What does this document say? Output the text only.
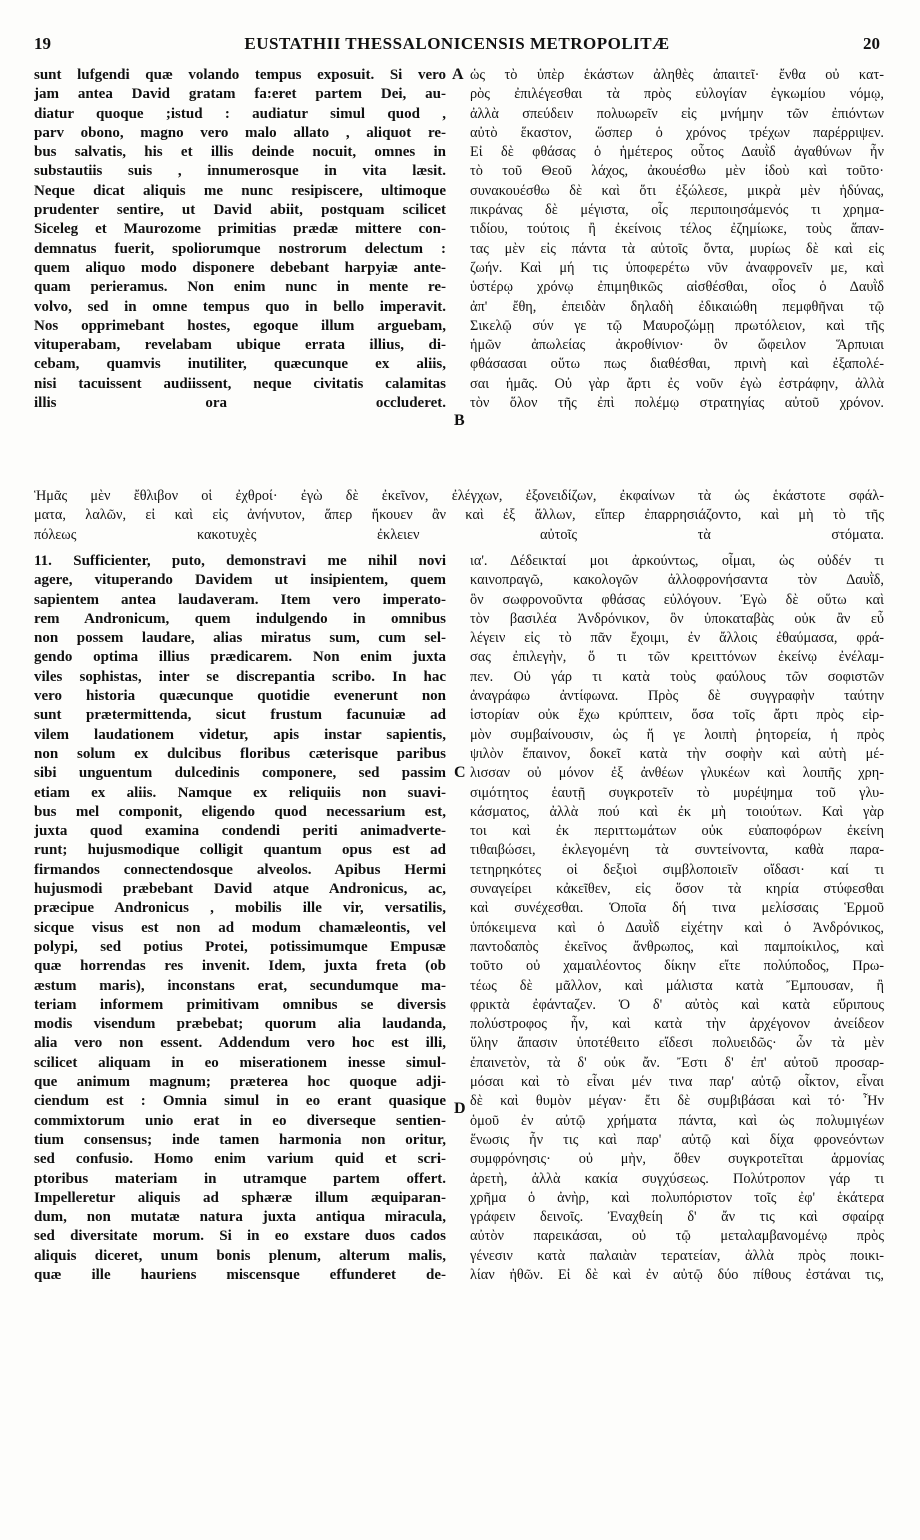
19	EUSTATHII THESSALONICENSIS METROPOLITÆ	20
sunt lufgendi quæ volando tempus exposuit. Si vero
jam antea David gratam fa:eret partem Dei, au-
diatur quoque ;istud : audiatur simul quod ,
parv obono, magno vero malo allato , aliquot re-
bus salvatis, his et illis deinde nocuit, omnes in
substautiis suis , innumerosque in vita læsit.
Neque dicat aliquis me nunc resipiscere, ultimoque
prudenter sentire, ut David abiit, postquam scilicet
Siceleg et Maurozome primitias prædæ mittere con-
demnatus fuerit, spoliorumque nostrorum delectum :
quem aliquo modo disponere debebant harpyiæ ante-
quam perieramus. Non enim nunc in mente re-
volvo, sed in omne tempus quo in bello imperavit.
Nos opprimebant hostes, egoque illum arguebam,
vituperabam, revelabam ubique errata illius, di-
cebam, quamvis inutiliter, quæcunque ex aliis,
nisi tacuissent audiissent, neque civitatis calamitas
illis ora occluderet.
ὡς τὸ ὑπὲρ ἑκάστων ἀληθὲς ἀπαιτεῖ· ἔνθα οὐ κατ-
ρὸς ἐπιλέγεσθαι τὰ πρὸς εὐλογίαν ἐγκωμίου νόμῳ,
ἀλλὰ σπεύδειν πολυωρεῖν εἰς μνήμην τῶν ἐπιόντων
αὐτὸ ἕκαστον, ὥσπερ ὁ χρόνος τρέχων παρέρριψεν.
Εἰ δὲ φθάσας ὁ ἡμέτερος οὗτος Δαυῒδ ἀγαθύνων ἦν
τὸ τοῦ Θεοῦ λάχος, ἀκουέσθω μὲν ἰδοὺ καὶ τοῦτο·
συνακουέσθω δὲ καὶ ὅτι ἐξώλεσε, μικρὰ μὲν ἡδύνας,
πικράνας δὲ μέγιστα, οἷς περιποιησάμενός τι χρημα-
τιδίου, τούτοις ἢ ἐκείνοις τέλος ἐζημίωκε, τοὺς ἅπαν-
τας μὲν εἰς πάντα τὰ αὐτοῖς ὄντα, μυρίως δὲ καὶ εἰς
ζωήν. Καὶ μή τις ὑποφερέτω νῦν ἀναφρονεῖν με, καὶ
ὑστέρῳ χρόνῳ ἐπιμηθικῶς αἰσθέσθαι, οἷος ὁ Δαυῒδ
ἀπ' ἔθη, ἐπειδὰν δηλαδὴ ἐδικαιώθη πεμφθῆναι τῷ
Σικελῷ σύν γε τῷ Μαυροζώμῃ πρωτόλειον, καὶ τῆς
ἡμῶν ἀπωλείας ἀκροθίνιον· ὃν ὤφειλον Ἅρπυιαι
φθάσασαι οὕτω πως διαθέσθαι, πρινὴ καὶ ἐξαπολέ-
σαι ἡμᾶς. Οὐ γὰρ ἄρτι ἐς νοῦν ἐγὼ ἐστράφην, ἀλλὰ
τὸν ὅλον τῆς ἐπὶ πολέμῳ στρατηγίας αὐτοῦ χρόνον.
Ἡμᾶς μὲν ἔθλιβον οἱ ἐχθροί· ἐγὼ δὲ ἐκεῖνον, ἐλέγχων, ἐξονειδίζων, ἐκφαίνων τὰ ὡς ἑκάστοτε σφάλ-
ματα, λαλῶν, εἰ καὶ εἰς ἀνήνυτον, ἅπερ ἤκουεν ἂν καὶ ἐξ ἄλλων, εἴπερ ἐπαρρησιάζοντο, καὶ μὴ τὸ τῆς
πόλεως κακοτυχὲς ἐκλειεν αὐτοῖς τὰ στόματα.
11. Sufficienter, puto, demonstravi me nihil novi
agere, vituperando Davidem ut insipientem, quem
sapientem antea laudaveram. Item vero imperato-
rem Andronicum, quem indulgendo in omnibus
non possem laudare, alias miratus sum, cum sel-
gendo optima illius prædicarem. Non enim juxta
viles sophistas, inter se discrepantia scribo. In hac
vero historia quæcunque quotidie evenerunt non
sunt prætermittenda, sicut frustum facunuiæ ad
vilem laudationem videtur, apis instar sapientis,
non solum ex dulcibus floribus cæterisque paribus
sibi unguentum dulcedinis componere, sed passim
etiam ex aliis. Namque ex reliquiis non suavi-
bus mel componit, eligendo quod necessarium est,
juxta quod examina condendi periti animadverte-
runt; hujusmodique colligit quantum opus est ad
firmandos connectendosque alveolos. Apibus Hermi
hujusmodi præbebant David atque Andronicus, ac,
præcipue Andronicus , mobilis ille vir, versatilis,
sicque visus est non ad modum chamæleontis, vel
polypi, sed potius Protei, potissimumque Empusæ
quæ horrendas res invenit. Idem, juxta freta (ob
æstum maris), inconstans erat, secundumque ma-
teriam informem primitivam omnibus se diversis
modis visendum præbebat; quorum alia laudanda,
alia vero non essent. Addendum vero hoc est illi,
scilicet aliquam in eo miserationem inesse simul-
que animum magnum; præterea hoc quoque adji-
ciendum est : Omnia simul in eo erant quasique
commixtorum unio erat in eo diverseque sentien-
tium consensus; inde tamen harmonia non oritur,
sed confusio. Homo enim varium quid et scri-
ptoribus materiam in utramque partem offert.
Impelleretur aliquis ad sphæræ illum æquiparan-
dum, non mutatæ natura juxta antiqua miracula,
sed diversitate morum. Si in eo exstare duos cados
aliquis diceret, unum bonis plenum, alterum malis,
quæ ille hauriens miscensque effunderet de-
ια'. Δέδεικταί μοι ἀρκούντως, οἶμαι, ὡς οὐδέν τι
καινοπραγῶ, κακολογῶν ἀλλοφρονήσαντα τὸν Δαυῒδ,
ὃν σωφρονοῦντα φθάσας εὐλόγουν. Ἐγὼ δὲ οὕτω καὶ
τὸν βασιλέα Ἀνδρόνικον, ὃν ὑποκαταβὰς οὐκ ἂν εὖ
λέγειν εἰς τὸ πᾶν ἔχοιμι, ἐν ἄλλοις ἐθαύμασα, φρά-
σας ἐπιλεγὴν, ὅ τι τῶν κρειττόνων ἐκείνῳ ἐνέλαμ-
πεν. Οὐ γάρ τι κατὰ τοὺς φαύλους τῶν σοφιστῶν
ἀναγράφω ἀντίφωνα. Πρὸς δὲ συγγραφὴν ταύτην
ἱστορίαν οὐκ ἔχω κρύπτειν, ὅσα τοῖς ἄρτι πρὸς εἰρ-
μὸν συμβαίνουσιν, ὡς ἥ γε λοιπὴ ῥητορεία, ἡ πρὸς
ψιλὸν ἔπαινον, δοκεῖ κατὰ τὴν σοφὴν καὶ αὐτὴ μέ-
λισσαν οὐ μόνον ἐξ ἀνθέων γλυκέων καὶ λοιπῆς χρη-
σιμότητος ἑαυτῇ συγκροτεῖν τὸ μυρέψημα τοῦ γλυ-
κάσματος, ἀλλὰ πού καὶ ἐκ μὴ τοιούτων. Καὶ γὰρ
τοι καὶ ἐκ περιττωμάτων οὐκ εὐαποφόρων ἐκείνη
τιθαιβώσει, ἐκλεγομένη τὰ συντείνοντα, καθὰ παρα-
τετηρηκότες οἱ δεξιοὶ σιμβλοποιεῖν οἴδασι· καί τι
συναγείρει κἀκεῖθεν, εἰς ὅσον τὰ κηρία στύφεσθαι
καὶ συνέχεσθαι. Ὁποῖα δή τινα μελίσσαις Ἑρμοῦ
ὑπόκειμενα καὶ ὁ Δαυῒδ εἰχέτην καὶ ὁ Ἀνδρόνικος,
παντοδαπὸς ἐκεῖνος ἄνθρωπος, καὶ παμποίκιλος, καὶ
τοῦτο οὐ χαμαιλέοντος δίκην εἴτε πολύποδος, Πρω-
τέως δὲ μᾶλλον, καὶ μάλιστα κατὰ Ἔμπουσαν, ἢ
φρικτὰ ἐφάνταζεν. Ὁ δ' αὐτὸς καὶ κατὰ εὔριπους
πολύστροφος ἦν, καὶ κατὰ τὴν ἀρχέγονον ἀνείδεον
ὕλην ἅπασιν ὑποτέθειτο εἴδεσι πολυειδῶς· ὧν τὰ μὲν
ἐπαινετὸν, τὰ δ' οὐκ ἄν. Ἔστι δ' ἐπ' αὐτοῦ προσαρ-
μόσαι καὶ τὸ εἶναι μέν τινα παρ' αὐτῷ οἶκτον, εἶναι
δὲ καὶ θυμὸν μέγαν· ἔτι δὲ συμβιβάσαι καὶ τό· Ἦν
ὁμοῦ ἐν αὐτῷ χρήματα πάντα, καὶ ὡς πολυμιγέων
ἕνωσις ἦν τις καὶ παρ' αὐτῷ καὶ δίχα φρονεόντων
συμφρόνησις· οὐ μὴν, ὅθεν συγκροτεῖται ἁρμονίας
ἀρετὴ, ἀλλὰ κακία συγχύσεως. Πολύτροπον γάρ τι
χρῆμα ὁ ἀνὴρ, καὶ πολυπόριστον τοῖς ἐφ' ἑκάτερα
γράφειν δεινοῖς. Ἐναχθείη δ' ἄν τις καὶ σφαίρᾳ
αὐτὸν παρεικάσαι, οὐ τῷ μεταλαμβανομένῳ πρὸς
γένεσιν κατὰ παλαιὰν τερατείαν, ἀλλὰ πρὸς ποικι-
λίαν ἠθῶν. Εἰ δὲ καὶ ἐν αὐτῷ δύο πίθους ἐστάναι τις,
A
B
C
D
